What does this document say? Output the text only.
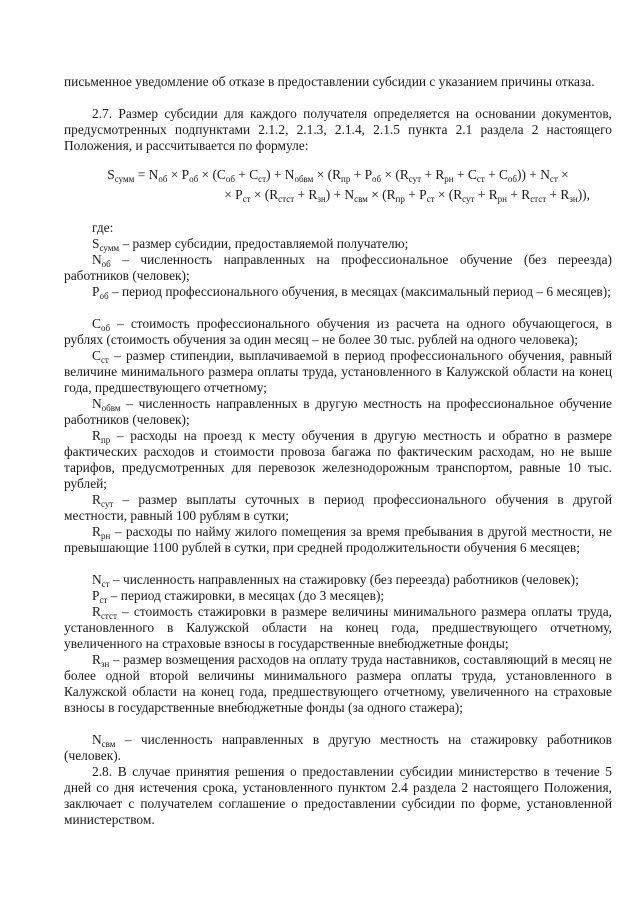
письменное уведомление об отказе в предоставлении субсидии с указанием причины отказа.

2.7. Размер субсидии для каждого получателя определяется на основании документов, предусмотренных подпунктами 2.1.2, 2.1.3, 2.1.4, 2.1.5 пункта 2.1 раздела 2 настоящего Положения, и рассчитывается по формуле:

$S_{сумм} = N_{об} \times P_{об} \times (C_{об} + C_{ст}) + N_{обвм} \times (R_{пр} + P_{об} \times (R_{сут} + R_{рн} + C_{ст} + C_{об})) + N_{ст}$ ×
× $P_{ст} \times (R_{стст} + R_{зн}) + N_{свм} \times (R_{пр} + P_{ст} \times (R_{сут} + R_{рн} + R_{стст} + R_{зн}))$,

где:

$S_{сумм}$ – размер субсидии, предоставляемой получателю;

$N_{об}$ – численность направленных на профессиональное обучение (без переезда) работников (человек);

$P_{об}$ – период профессионального обучения, в месяцах (максимальный период – 6 месяцев);

$C_{об}$ – стоимость профессионального обучения из расчета на одного обучающегося, в рублях (стоимость обучения за один месяц – не более 30 тыс. рублей на одного человека);

$C_{ст}$ – размер стипендии, выплачиваемой в период профессионального обучения, равный величине минимального размера оплаты труда, установленного в Калужской области на конец года, предшествующего отчетному;

$N_{обвм}$ – численность направленных в другую местность на профессиональное обучение работников (человек);

$R_{пр}$ – расходы на проезд к месту обучения в другую местность и обратно в размере фактических расходов и стоимости провоза багажа по фактическим расходам, но не выше тарифов, предусмотренных для перевозок железнодорожным транспортом, равные 10 тыс. рублей;

$R_{сут}$ – размер выплаты суточных в период профессионального обучения в другой местности, равный 100 рублям в сутки;

$R_{рн}$ – расходы по найму жилого помещения за время пребывания в другой местности, не превышающие 1100 рублей в сутки, при средней продолжительности обучения 6 месяцев;

$N_{ст}$ – численность направленных на стажировку (без переезда) работников (человек);

$P_{ст}$ – период стажировки, в месяцах (до 3 месяцев);

$R_{стст}$ – стоимость стажировки в размере величины минимального размера оплаты труда, установленного в Калужской области на конец года, предшествующего отчетному, увеличенного на страховые взносы в государственные внебюджетные фонды;

$R_{зн}$ – размер возмещения расходов на оплату труда наставников, составляющий в месяц не более одной второй величины минимального размера оплаты труда, установленного в Калужской области на конец года, предшествующего отчетному, увеличенного на страховые взносы в государственные внебюджетные фонды (за одного стажера);

$N_{свм}$ – численность направленных в другую местность на стажировку работников (человек).

2.8. В случае принятия решения о предоставлении субсидии министерство в течение 5 дней со дня истечения срока, установленного пунктом 2.4 раздела 2 настоящего Положения, заключает с получателем соглашение о предоставлении субсидии по форме, установленной министерством.
